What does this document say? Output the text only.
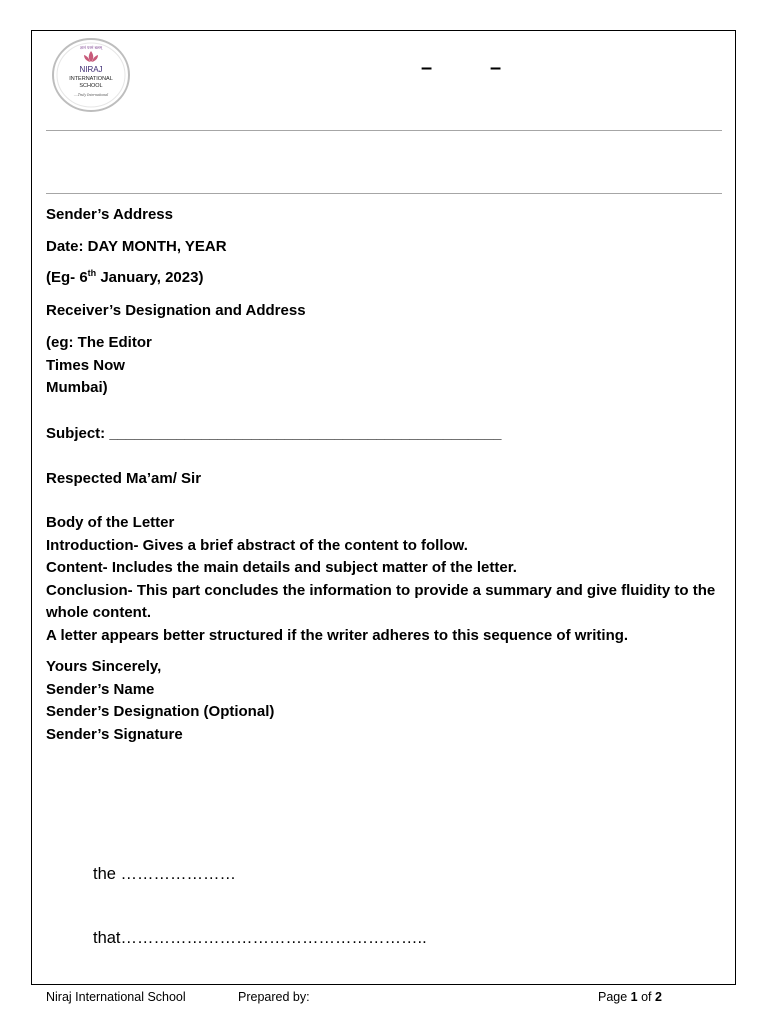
ज्ञानं परमं बलम्
NIRAJ
INTERNATIONAL
SCHOOL
....Truly International
–	–
Sender’s Address
Date: DAY MONTH, YEAR
(Eg- 6th January, 2023)
Receiver’s Designation and Address
(eg: The Editor
Times Now
Mumbai)
Subject: _______________________________________________
Respected Ma’am/ Sir
Body of the Letter
Introduction- Gives a brief abstract of the content to follow.
Content- Includes the main details and subject matter of the letter.
Conclusion- This part concludes the information to provide a summary and give fluidity to the whole content.
A letter appears better structured if the writer adheres to this sequence of writing.
Yours Sincerely,
Sender’s Name
Sender’s Designation (Optional)
Sender’s Signature
the …………………
that………………………………………………..
Niraj International School	Prepared by:	Page 1 of 2
